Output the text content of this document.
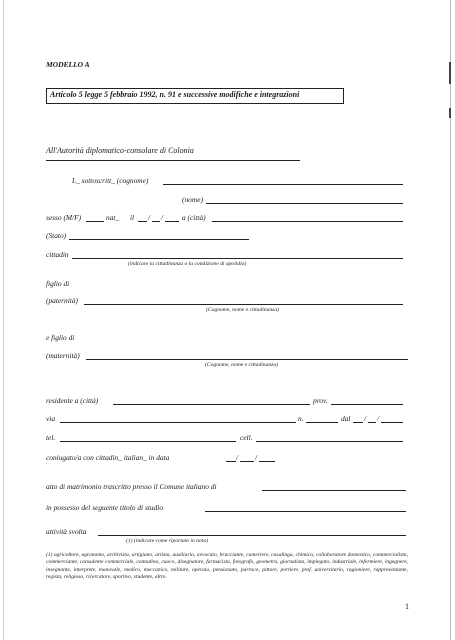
MODELLO A
Articolo 5 legge 5 febbraio 1992, n. 91 e successive modifiche e integrazioni
All'Autorità diplomatico-consolare di Colonia
L_ sottoscritt_ (cognome)
(nome)
sesso (M/F)	nat_ il / /	a (città)
(Stato)
cittadin
(indicare la cittadinanza o la condizione di apolidia)
figlio di
(paternità)
(Cognome, nome e cittadinanza)
e figlio di
(maternità)
(Cognome, nome e cittadinanza)
residente a (città)	prov.
via	n.	dal / /
tel.	cell.
coniugato/a con cittadin_ italian_ in data	/ /
atto di matrimonio trascritto presso il Comune italiano di
in possesso del seguente titolo di studio
attività svolta
(1) (indicare come riportato in nota)
(1) agricoltore, agronomo, archivista, artigiano, artista, ausiliario, avvocato, bracciante, cameriere, casalinga, chimico, collaboratore domestico, commercialista, commerciante, consulente commerciale, contadino, cuoco, disegnatore, farmacista, fotografo, geometra, giornalista, impiegato, industriale, infermiere, ingegnere, insegnante, interprete, manovale, medico, meccanico, militare, operaio, pensionato, parroco, pittore, portiere, prof. universitario, ragioniere, rappresentante, regista, religioso, ricercatore, sportivo, studente, altro.
1
